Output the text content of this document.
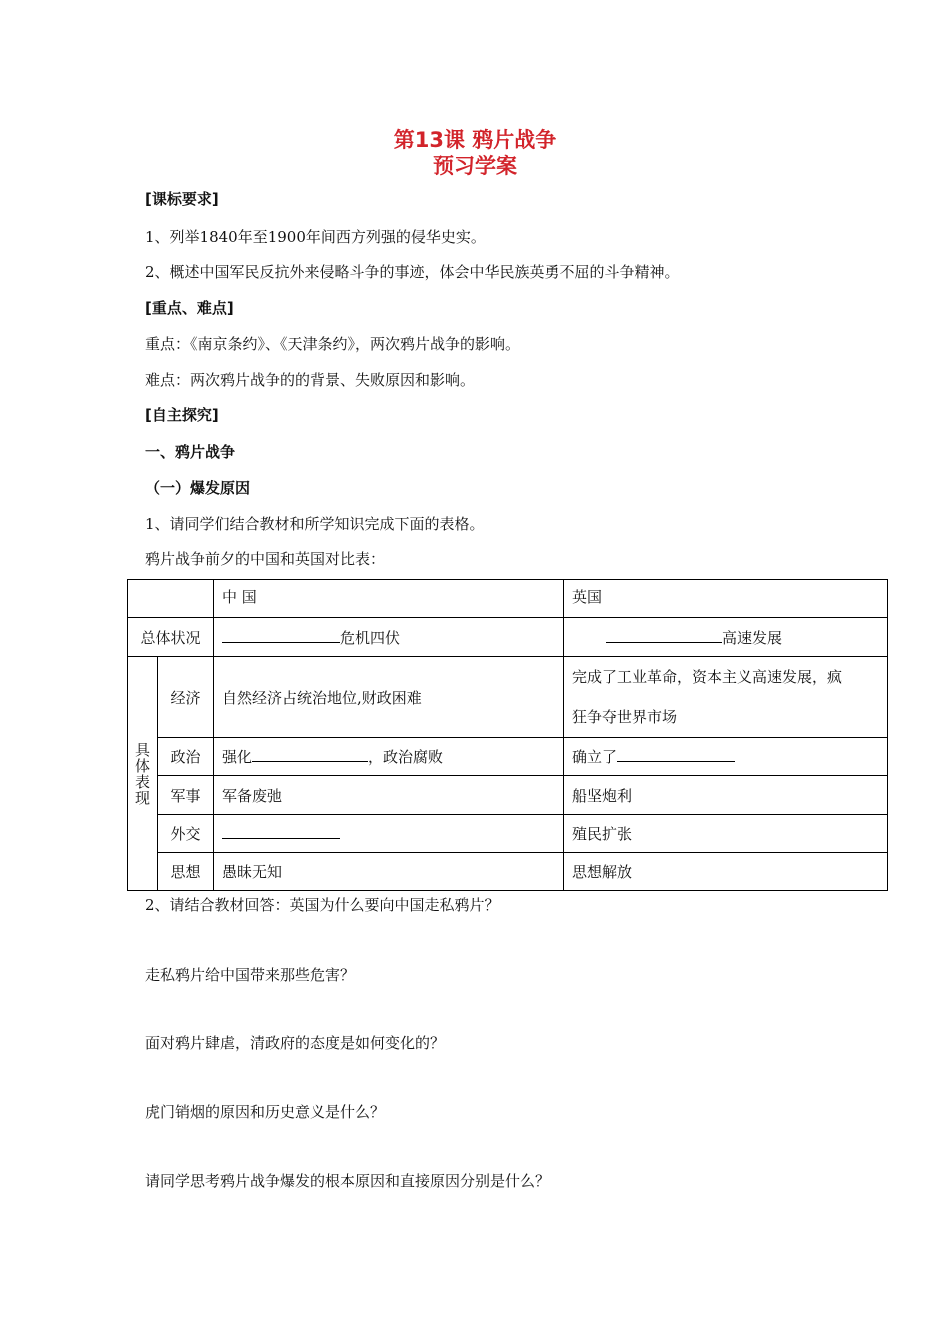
第13课 鸦片战争
预习学案
[课标要求]
1、列举1840年至1900年间西方列强的侵华史实。
2、概述中国军民反抗外来侵略斗争的事迹，体会中华民族英勇不屈的斗争精神。
[重点、难点]
重点：《南京条约》、《天津条约》，两次鸦片战争的影响。
难点：两次鸦片战争的的背景、失败原因和影响。
[自主探究]
一、鸦片战争
（一）爆发原因
1、请同学们结合教材和所学知识完成下面的表格。
鸦片战争前夕的中国和英国对比表：
		中 国	英国
总体状况		危机四伏	高速发展
具体表现	经济	自然经济占统治地位,财政困难	完成了工业革命，资本主义高速发展，疯
狂争夺世界市场

	政治	强化 ，政治腐败	确立了
	军事	军备废弛	船坚炮利
	外交		殖民扩张
	思想	愚昧无知	思想解放
2、请结合教材回答：英国为什么要向中国走私鸦片？
走私鸦片给中国带来那些危害？
面对鸦片肆虐，清政府的态度是如何变化的？
虎门销烟的原因和历史意义是什么？
请同学思考鸦片战争爆发的根本原因和直接原因分别是什么？
